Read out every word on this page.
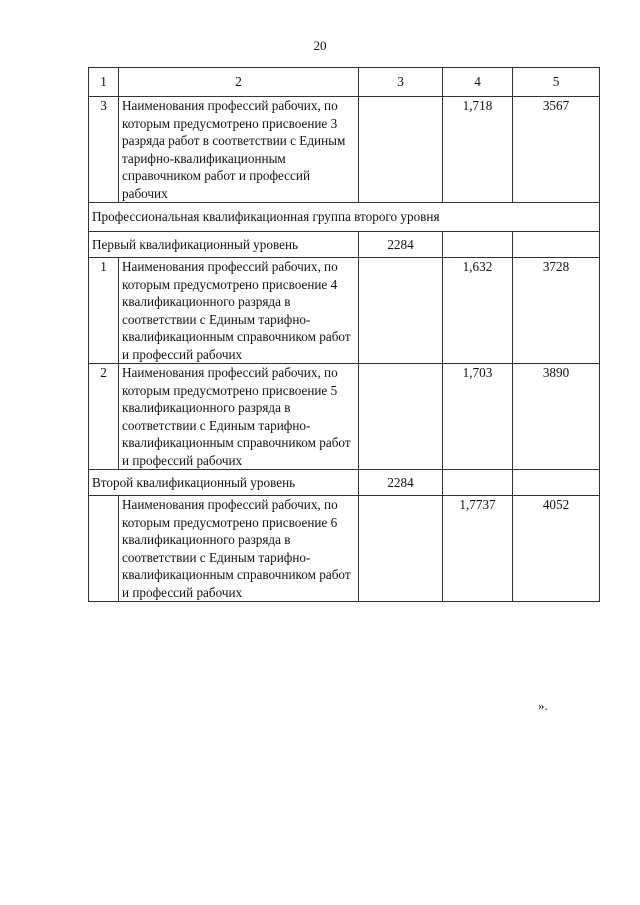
20
1	2	3	4	5
3	Наименования профессий рабочих, по которым предусмотрено присвоение 3 разряда работ в соответствии с Единым тарифно-квалификационным справочником работ и профессий рабочих		1,718	3567
Профессиональная квалификационная группа второго уровня				
Первый квалификационный уровень		2284		
1	Наименования профессий рабочих, по которым предусмотрено присвоение 4 квалификационного разряда в соответствии с Единым тарифно-квалификационным справочником работ и профессий рабочих		1,632	3728
2	Наименования профессий рабочих, по которым предусмотрено присвоение 5 квалификационного разряда в соответствии с Единым тарифно-квалификационным справочником работ и профессий рабочих		1,703	3890
Второй квалификационный уровень		2284		
	Наименования профессий рабочих, по которым предусмотрено присвоение 6 квалификационного разряда в соответствии с Единым тарифно-квалификационным справочником работ и профессий рабочих		1,7737	4052
».
